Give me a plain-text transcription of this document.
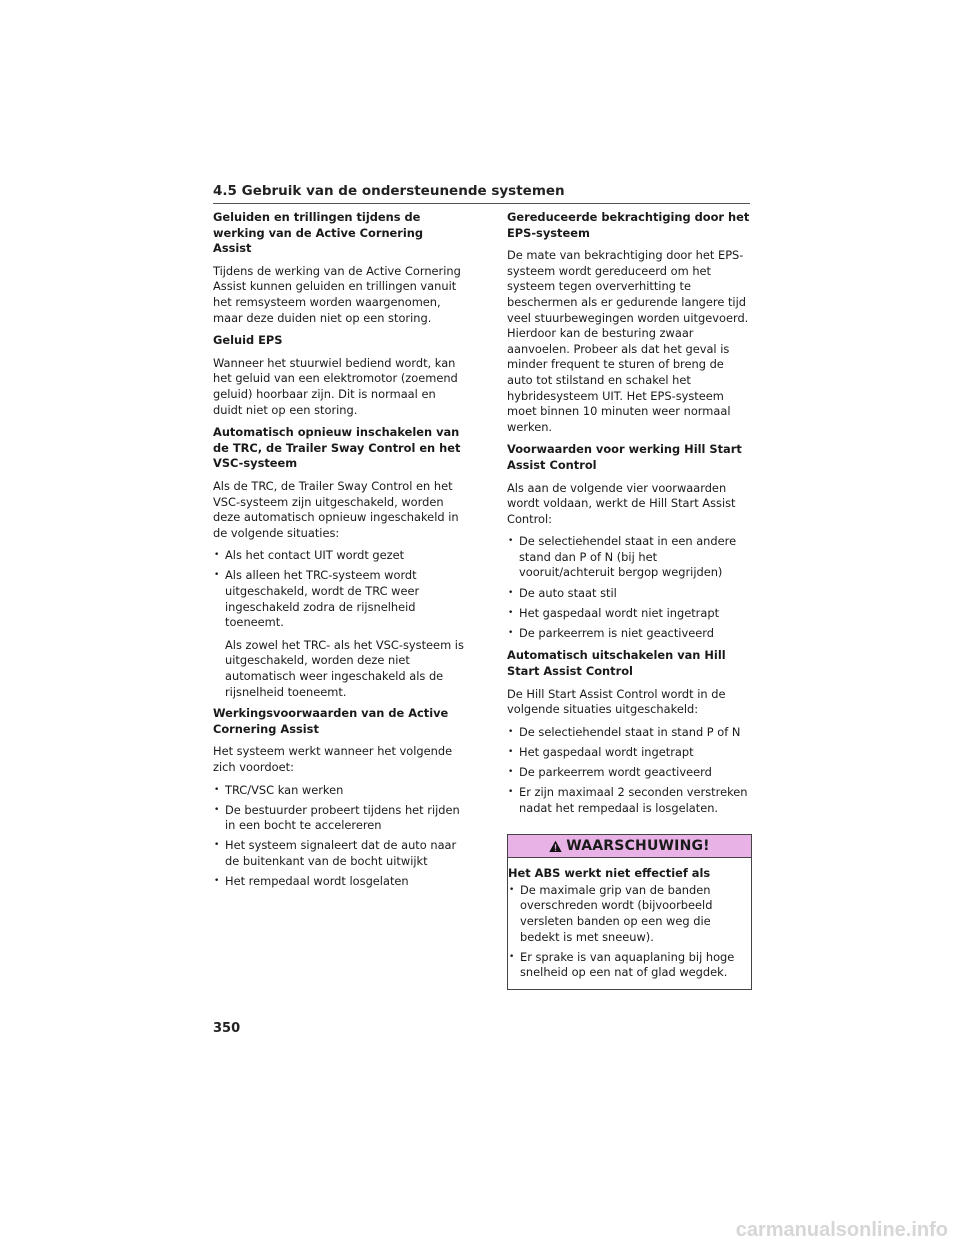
4.5 Gebruik van de ondersteunende systemen

Geluiden en trillingen tijdens de werking van de Active Cornering Assist

Tijdens de werking van de Active Cornering Assist kunnen geluiden en trillingen vanuit het remsysteem worden waargenomen, maar deze duiden niet op een storing.

Geluid EPS

Wanneer het stuurwiel bediend wordt, kan het geluid van een elektromotor (zoemend geluid) hoorbaar zijn. Dit is normaal en duidt niet op een storing.

Automatisch opnieuw inschakelen van de TRC, de Trailer Sway Control en het VSC-systeem

Als de TRC, de Trailer Sway Control en het VSC-systeem zijn uitgeschakeld, worden deze automatisch opnieuw ingeschakeld in de volgende situaties:

• Als het contact UIT wordt gezet
• Als alleen het TRC-systeem wordt uitgeschakeld, wordt de TRC weer ingeschakeld zodra de rijsnelheid toeneemt.

Als zowel het TRC- als het VSC-systeem is uitgeschakeld, worden deze niet automatisch weer ingeschakeld als de rijsnelheid toeneemt.

Werkingsvoorwaarden van de Active Cornering Assist

Het systeem werkt wanneer het volgende zich voordoet:

• TRC/VSC kan werken
• De bestuurder probeert tijdens het rijden in een bocht te accelereren
• Het systeem signaleert dat de auto naar de buitenkant van de bocht uitwijkt
• Het rempedaal wordt losgelaten

Gereduceerde bekrachtiging door het EPS-systeem

De mate van bekrachtiging door het EPS-systeem wordt gereduceerd om het systeem tegen oververhitting te beschermen als er gedurende langere tijd veel stuurbewegingen worden uitgevoerd. Hierdoor kan de besturing zwaar aanvoelen. Probeer als dat het geval is minder frequent te sturen of breng de auto tot stilstand en schakel het hybridesysteem UIT. Het EPS-systeem moet binnen 10 minuten weer normaal werken.

Voorwaarden voor werking Hill Start Assist Control

Als aan de volgende vier voorwaarden wordt voldaan, werkt de Hill Start Assist Control:

• De selectiehendel staat in een andere stand dan P of N (bij het vooruit/achteruit bergop wegrijden)
• De auto staat stil
• Het gaspedaal wordt niet ingetrapt
• De parkeerrem is niet geactiveerd

Automatisch uitschakelen van Hill Start Assist Control

De Hill Start Assist Control wordt in de volgende situaties uitgeschakeld:

• De selectiehendel staat in stand P of N
• Het gaspedaal wordt ingetrapt
• De parkeerrem wordt geactiveerd
• Er zijn maximaal 2 seconden verstreken nadat het rempedaal is losgelaten.
WAARSCHUWING!

Het ABS werkt niet effectief als

• De maximale grip van de banden overschreden wordt (bijvoorbeeld versleten banden op een weg die bedekt is met sneeuw).
• Er sprake is van aquaplaning bij hoge snelheid op een nat of glad wegdek.
350
carmanualsonline.info
